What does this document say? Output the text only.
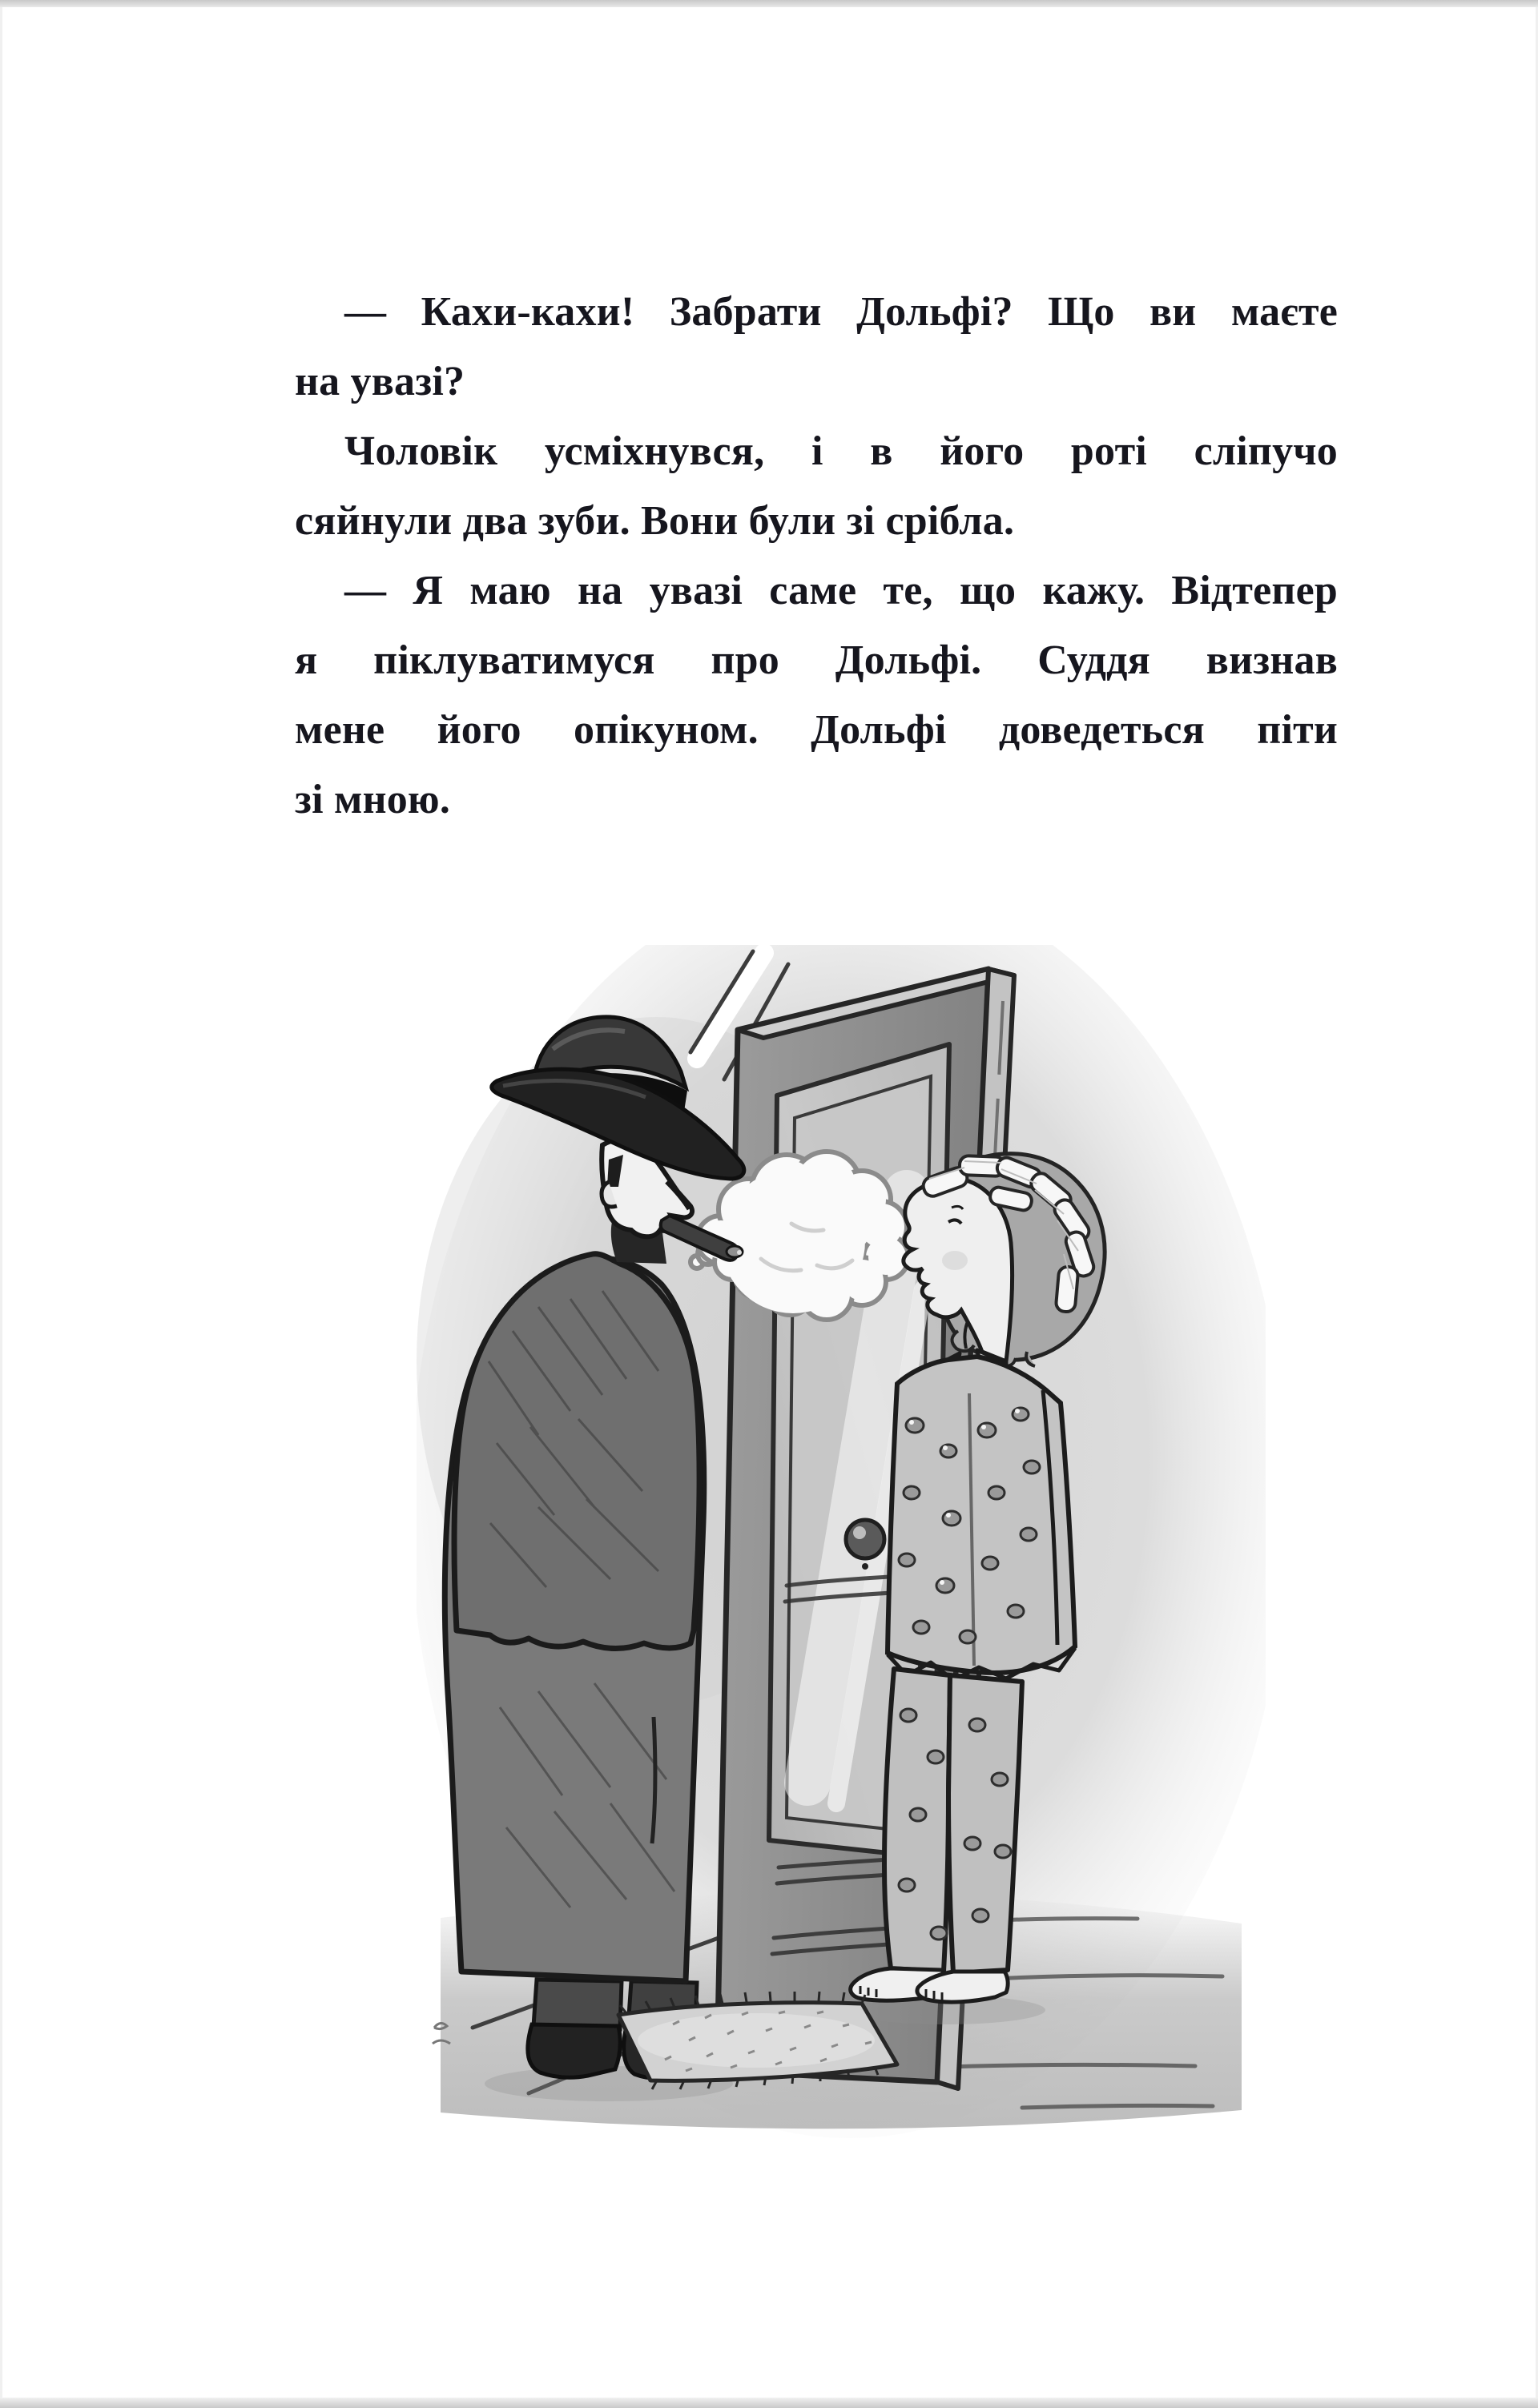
— Кахи-кахи! Забрати Дольфі? Що ви маєте
на увазі?
Чоловік усміхнувся, і в його роті сліпучо
сяйнули два зуби. Вони були зі срібла.
— Я маю на увазі саме те, що кажу. Відтепер
я піклуватимуся про Дольфі. Суддя визнав
мене його опікуном. Дольфі доведеться піти
зі мною.
